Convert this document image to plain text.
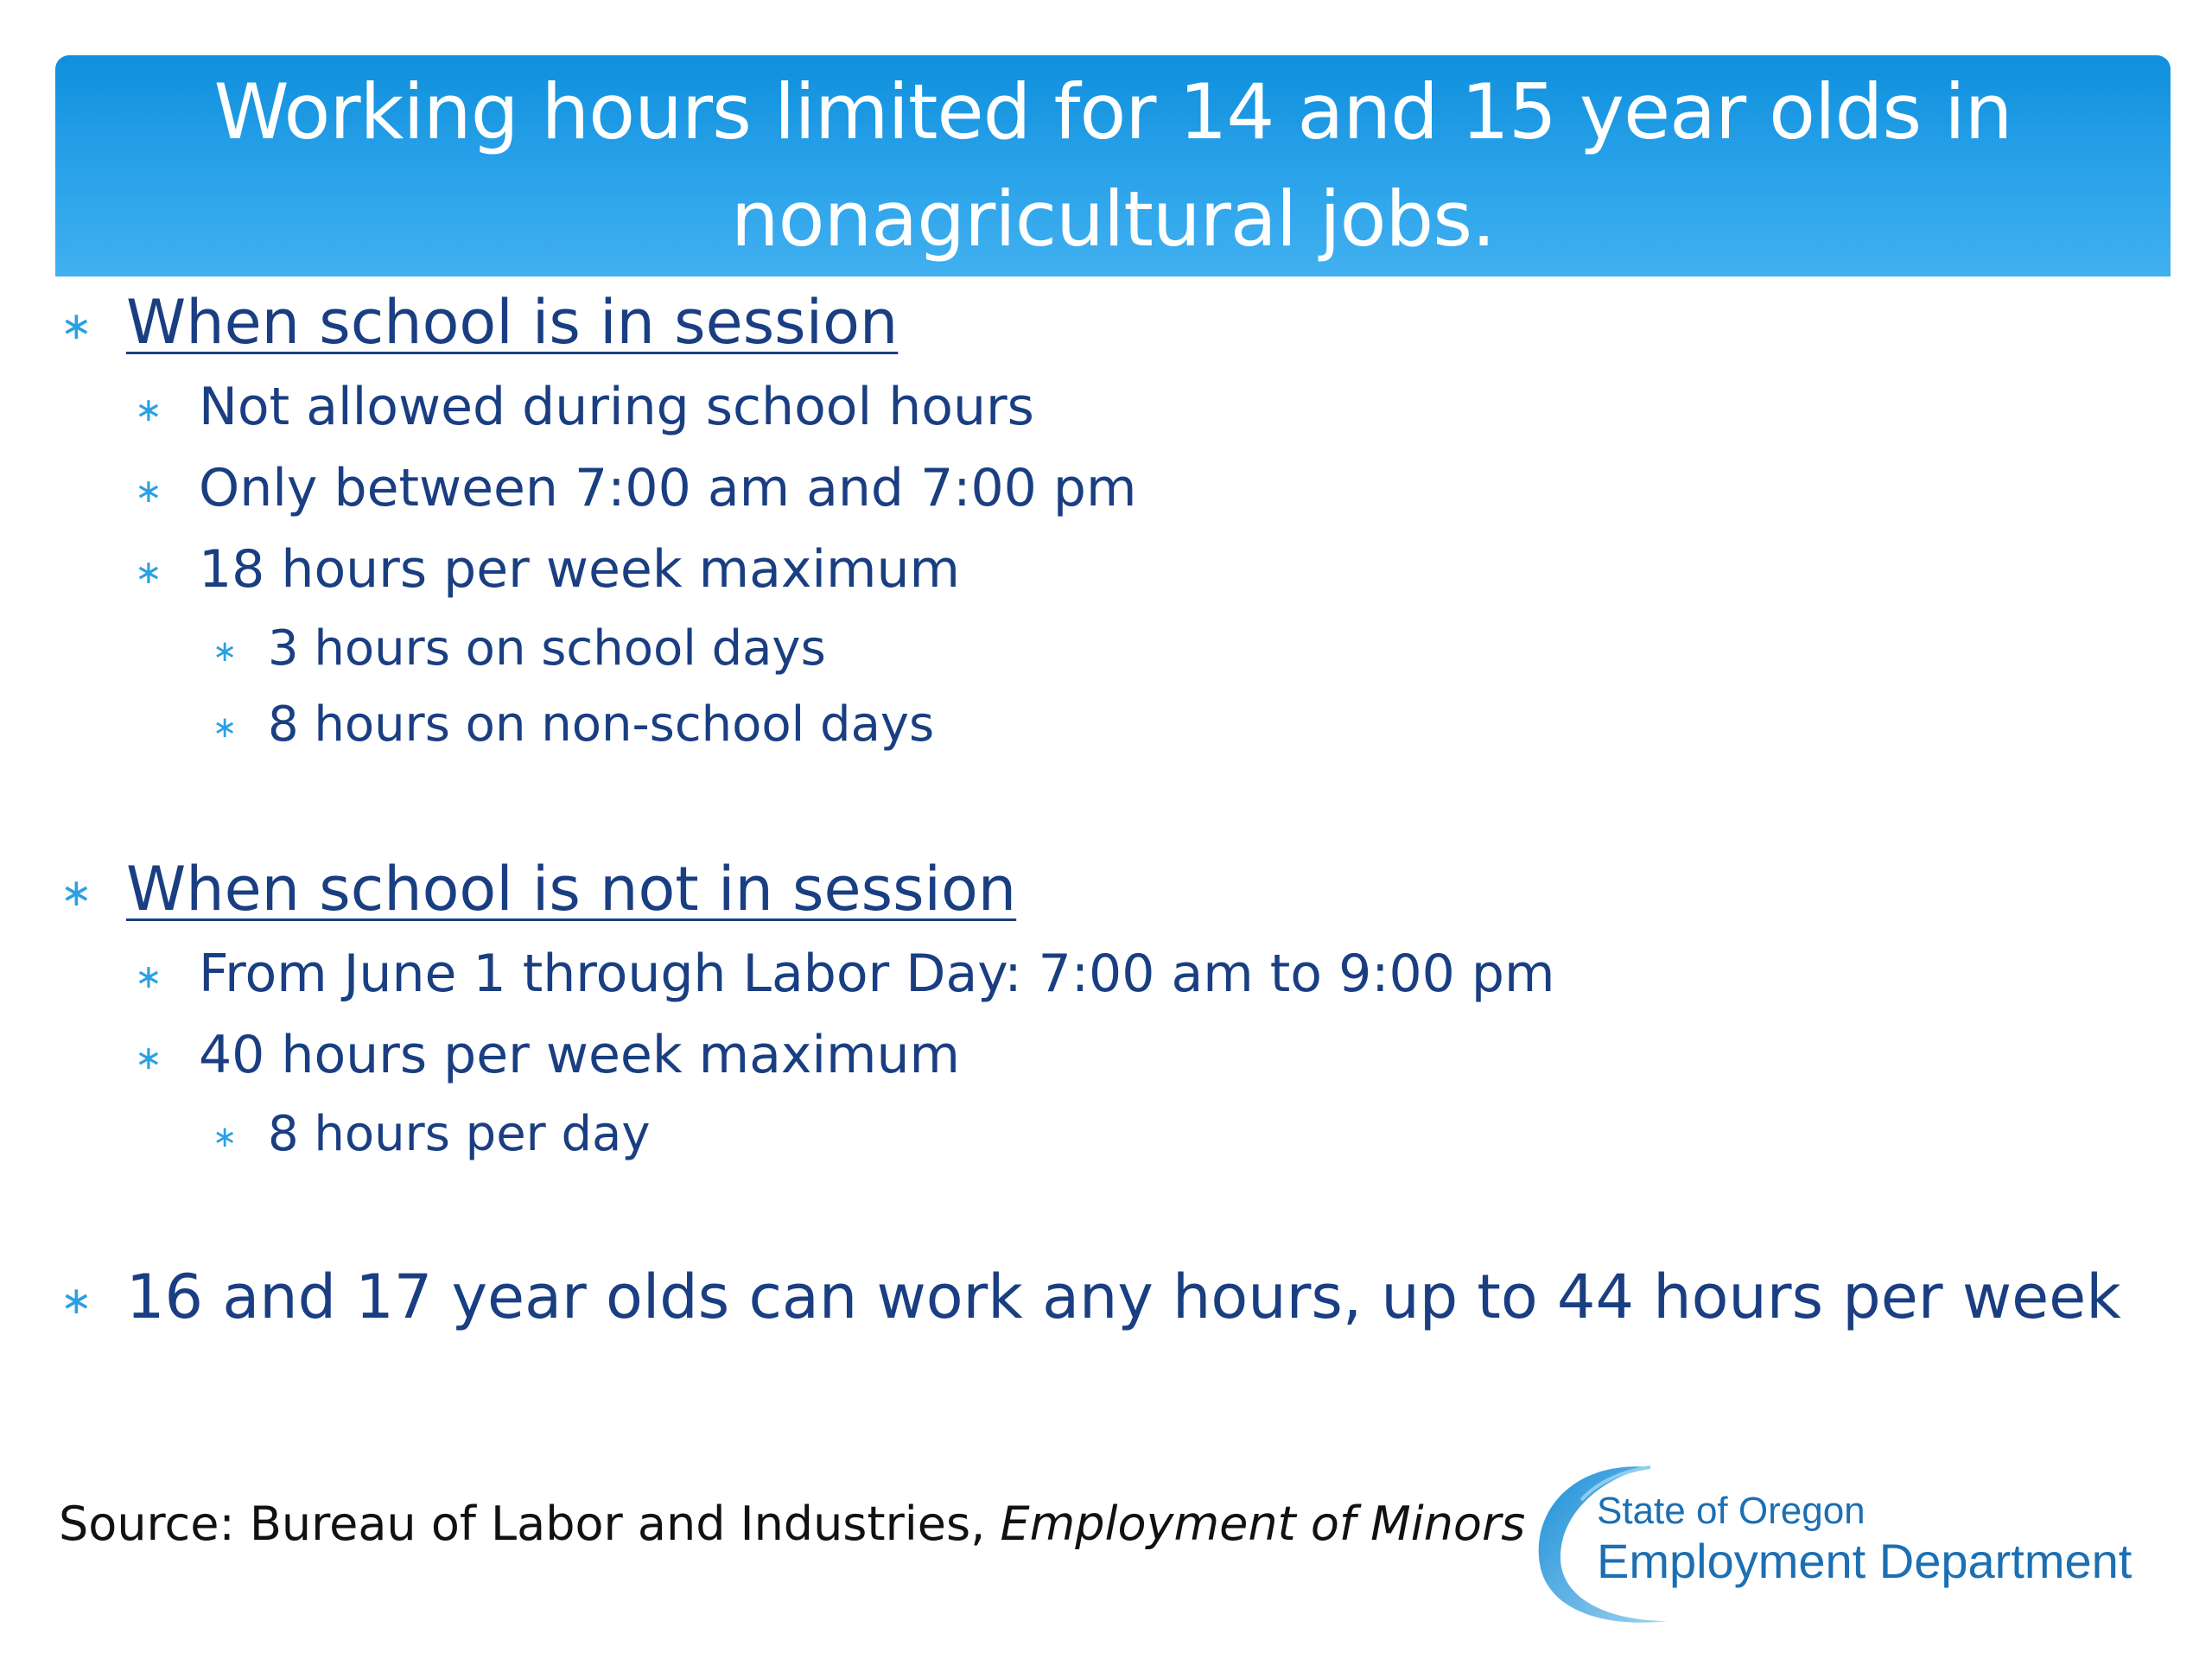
Working hours limited for 14 and 15 year olds in
nonagricultural jobs.
∗ When school is in session
∗ Not allowed during school hours
∗ Only between 7:00 am and 7:00 pm
∗ 18 hours per week maximum
∗ 3 hours on school days
∗ 8 hours on non-school days
∗ When school is not in session
∗ From June 1 through Labor Day: 7:00 am to 9:00 pm
∗ 40 hours per week maximum
∗ 8 hours per day
∗ 16 and 17 year olds can work any hours, up to 44 hours per week
Source: Bureau of Labor and Industries, Employment of Minors State of Oregon
Employment Department
